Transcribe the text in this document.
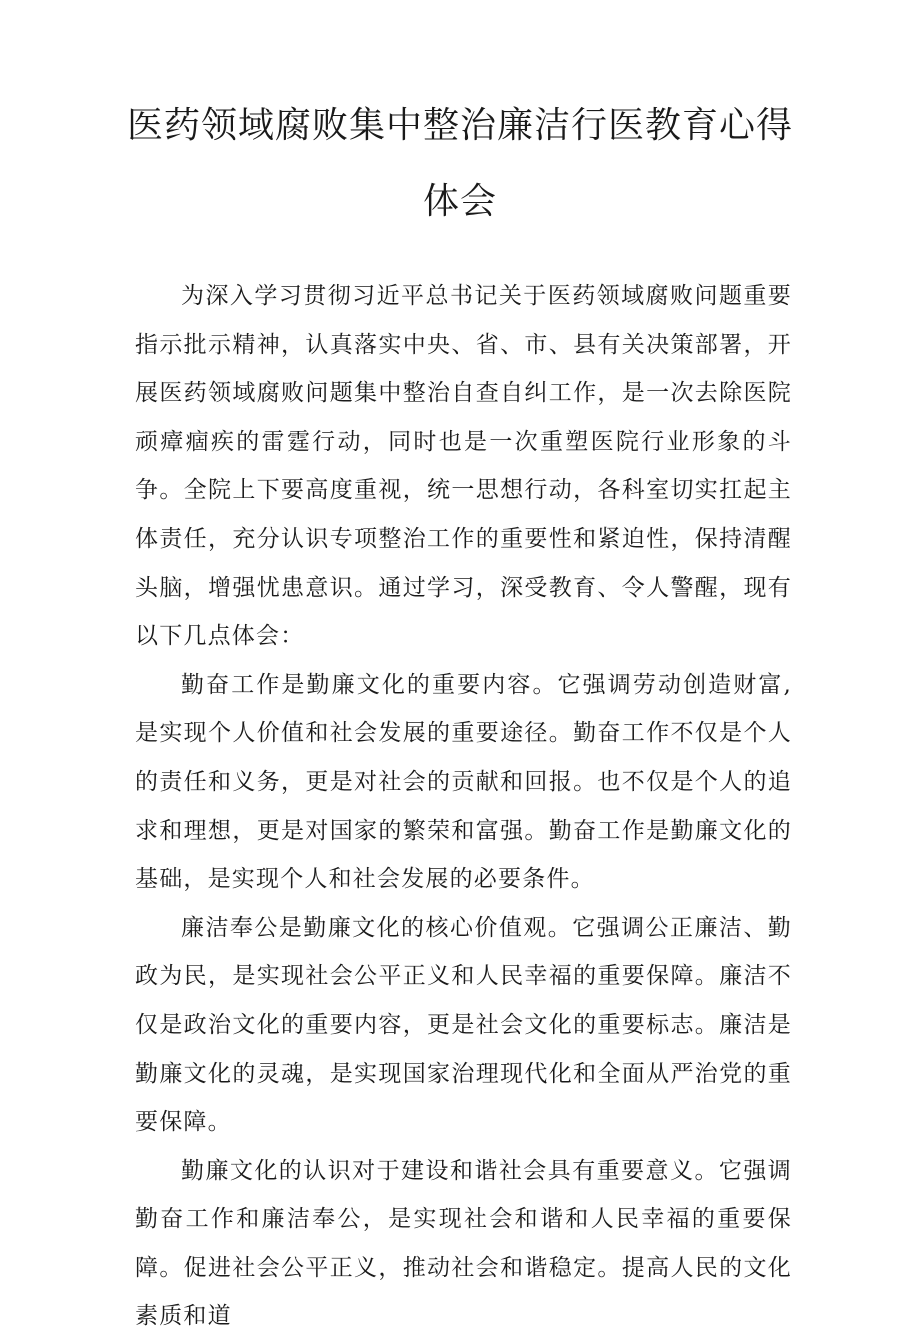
医药领域腐败集中整治廉洁行医教育心得
体会

为深入学习贯彻习近平总书记关于医药领域腐败问题重要指示批示精神，认真落实中央、省、市、县有关决策部署，开展医药领域腐败问题集中整治自查自纠工作，是一次去除医院顽瘴痼疾的雷霆行动，同时也是一次重塑医院行业形象的斗争。全院上下要高度重视，统一思想行动，各科室切实扛起主体责任，充分认识专项整治工作的重要性和紧迫性，保持清醒头脑，增强忧患意识。通过学习，深受教育、令人警醒，现有以下几点体会：

勤奋工作是勤廉文化的重要内容。它强调劳动创造财富,是实现个人价值和社会发展的重要途径。勤奋工作不仅是个人的责任和义务，更是对社会的贡献和回报。也不仅是个人的追求和理想，更是对国家的繁荣和富强。勤奋工作是勤廉文化的基础，是实现个人和社会发展的必要条件。

廉洁奉公是勤廉文化的核心价值观。它强调公正廉洁、勤政为民，是实现社会公平正义和人民幸福的重要保障。廉洁不仅是政治文化的重要内容，更是社会文化的重要标志。廉洁是勤廉文化的灵魂，是实现国家治理现代化和全面从严治党的重要保障。

勤廉文化的认识对于建设和谐社会具有重要意义。它强调勤奋工作和廉洁奉公，是实现社会和谐和人民幸福的重要保障。促进社会公平正义，推动社会和谐稳定。提高人民的文化素质和道
